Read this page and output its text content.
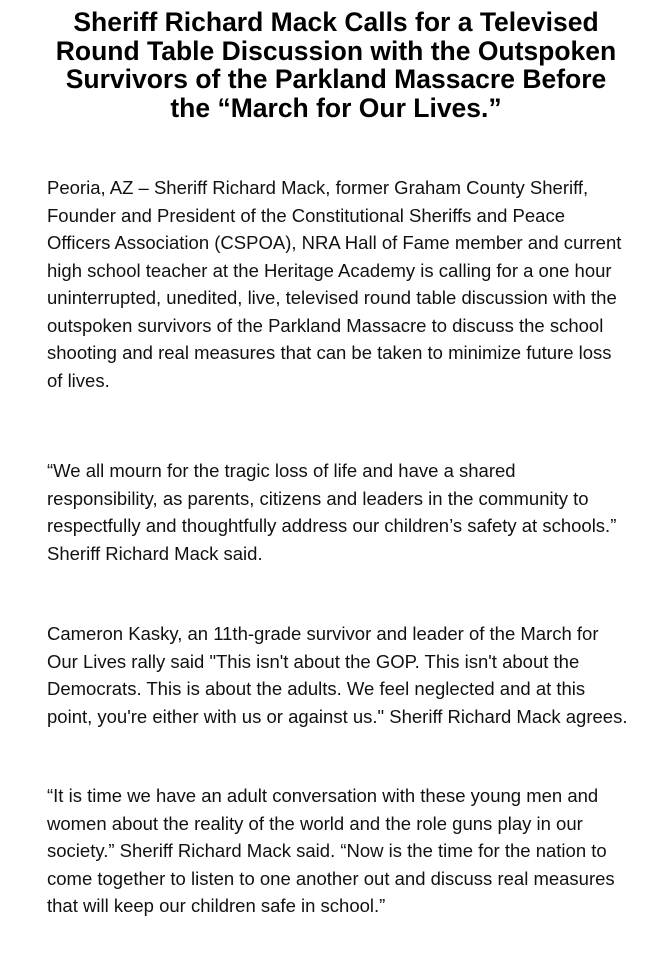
Sheriff Richard Mack Calls for a Televised
Round Table Discussion with the Outspoken
Survivors of the Parkland Massacre Before
the “March for Our Lives.”

Peoria, AZ – Sheriff Richard Mack, former Graham County Sheriff,
Founder and President of the Constitutional Sheriffs and Peace
Officers Association (CSPOA), NRA Hall of Fame member and current
high school teacher at the Heritage Academy is calling for a one hour
uninterrupted, unedited, live, televised round table discussion with the
outspoken survivors of the Parkland Massacre to discuss the school
shooting and real measures that can be taken to minimize future loss
of lives.

“We all mourn for the tragic loss of life and have a shared
responsibility, as parents, citizens and leaders in the community to
respectfully and thoughtfully address our children’s safety at schools.”
Sheriff Richard Mack said.

Cameron Kasky, an 11th-grade survivor and leader of the March for
Our Lives rally said "This isn't about the GOP. This isn't about the
Democrats. This is about the adults. We feel neglected and at this
point, you're either with us or against us." Sheriff Richard Mack agrees.

“It is time we have an adult conversation with these young men and
women about the reality of the world and the role guns play in our
society.” Sheriff Richard Mack said. “Now is the time for the nation to
come together to listen to one another out and discuss real measures
that will keep our children safe in school.”
